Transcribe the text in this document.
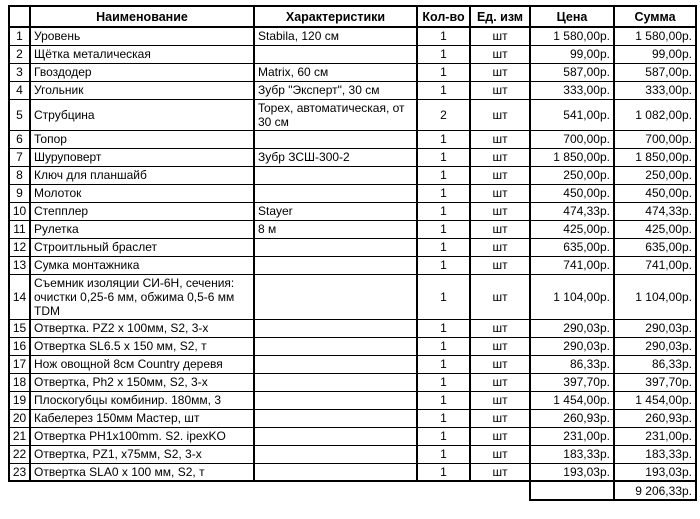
	Наименование	Характеристики	Кол-во	Ед. изм	Цена	Сумма
1	Уровень	Stabila, 120 см	1	шт	1 580,00р.	1 580,00р.
2	Щётка металическая		1	шт	99,00р.	99,00р.
3	Гвоздодер	Matrix, 60 см	1	шт	587,00р.	587,00р.
4	Угольник	Зубр "Эксперт", 30 см	1	шт	333,00р.	333,00р.
5	Струбцина	Topex, автоматическая, от 30 см	2	шт	541,00р.	1 082,00р.
6	Топор		1	шт	700,00р.	700,00р.
7	Шуруповерт	Зубр ЗСШ-300-2	1	шт	1 850,00р.	1 850,00р.
8	Ключ для планшайб		1	шт	250,00р.	250,00р.
9	Молоток		1	шт	450,00р.	450,00р.
10	Степплер	Stayer	1	шт	474,33р.	474,33р.
11	Рулетка	8 м	1	шт	425,00р.	425,00р.
12	Строитльный браслет		1	шт	635,00р.	635,00р.
13	Сумка монтажника		1	шт	741,00р.	741,00р.
14	Съемник изоляции СИ-6Н, сечения: очистки 0,25-6 мм, обжима 0,5-6 мм TDM		1	шт	1 104,00р.	1 104,00р.
15	Отвертка. PZ2 x 100мм, S2, 3-х		1	шт	290,03р.	290,03р.
16	Отвертка SL6.5 x 150 мм, S2, т		1	шт	290,03р.	290,03р.
17	Нож овощной 8см Country деревя		1	шт	86,33р.	86,33р.
18	Отвертка, Ph2 x 150мм, S2, 3-х		1	шт	397,70р.	397,70р.
19	Плоскогубцы комбинир. 180мм, 3		1	шт	1 454,00р.	1 454,00р.
20	Кабелерез 150мм Мастер, шт		1	шт	260,93р.	260,93р.
21	Отвертка PH1x100mm. S2. ipexKO		1	шт	231,00р.	231,00р.
22	Отвертка, PZ1, х75мм, S2, 3-х		1	шт	183,33р.	183,33р.
23	Отвертка SLA0 x 100 мм, S2, т		1	шт	193,03р.	193,03р.
						9 206,33р.
